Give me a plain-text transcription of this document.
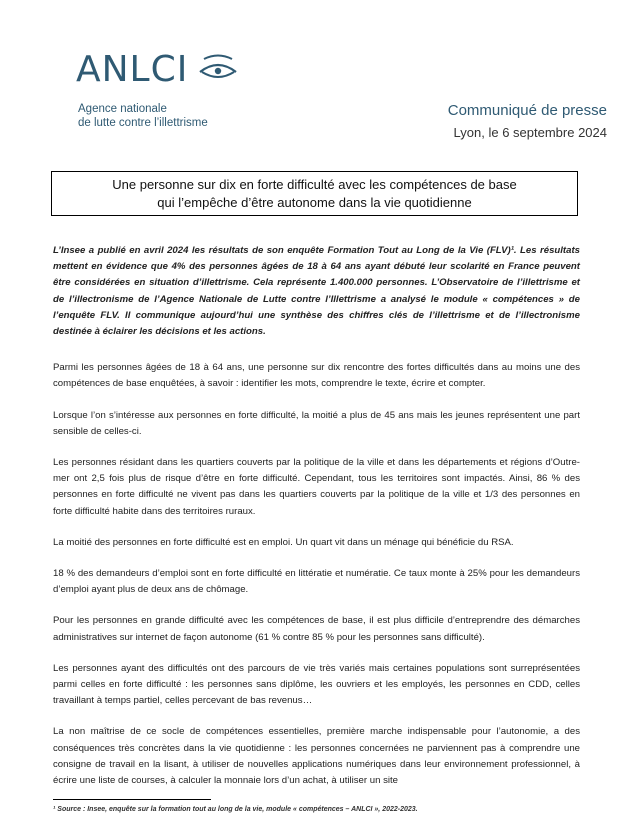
ANLCI
Agence nationale
de lutte contre l’illettrisme
Communiqué de presse
Lyon, le 6 septembre 2024
Une personne sur dix en forte difficulté avec les compétences de base
qui l’empêche d’être autonome dans la vie quotidienne

L’Insee a publié en avril 2024 les résultats de son enquête Formation Tout au Long de la Vie (FLV)¹. Les résultats mettent en évidence que 4% des personnes âgées de 18 à 64 ans ayant débuté leur scolarité en France peuvent être considérées en situation d’illettrisme. Cela représente 1.400.000 personnes. L’Observatoire de l’illettrisme et de l’illectronisme de l’Agence Nationale de Lutte contre l’Illettrisme a analysé le module « compétences » de l’enquête FLV. Il communique aujourd’hui une synthèse des chiffres clés de l’illettrisme et de l’illectronisme destinée à éclairer les décisions et les actions.

Parmi les personnes âgées de 18 à 64 ans, une personne sur dix rencontre des fortes difficultés dans au moins une des compétences de base enquêtées, à savoir : identifier les mots, comprendre le texte, écrire et compter.

Lorsque l’on s’intéresse aux personnes en forte difficulté, la moitié a plus de 45 ans mais les jeunes représentent une part sensible de celles-ci.

Les personnes résidant dans les quartiers couverts par la politique de la ville et dans les départements et régions d’Outre-mer ont 2,5 fois plus de risque d’être en forte difficulté. Cependant, tous les territoires sont impactés. Ainsi, 86 % des personnes en forte difficulté ne vivent pas dans les quartiers couverts par la politique de la ville et 1/3 des personnes en forte difficulté habite dans des territoires ruraux.

La moitié des personnes en forte difficulté est en emploi. Un quart vit dans un ménage qui bénéficie du RSA.

18 % des demandeurs d’emploi sont en forte difficulté en littératie et numératie. Ce taux monte à 25% pour les demandeurs d’emploi ayant plus de deux ans de chômage.

Pour les personnes en grande difficulté avec les compétences de base, il est plus difficile d’entreprendre des démarches administratives sur internet de façon autonome (61 % contre 85 % pour les personnes sans difficulté).

Les personnes ayant des difficultés ont des parcours de vie très variés mais certaines populations sont surreprésentées parmi celles en forte difficulté : les personnes sans diplôme, les ouvriers et les employés, les personnes en CDD, celles travaillant à temps partiel, celles percevant de bas revenus…

La non maîtrise de ce socle de compétences essentielles, première marche indispensable pour l’autonomie, a des conséquences très concrètes dans la vie quotidienne : les personnes concernées ne parviennent pas à comprendre une consigne de travail en la lisant, à utiliser de nouvelles applications numériques dans leur environnement professionnel, à écrire une liste de courses, à calculer la monnaie lors d’un achat, à utiliser un site

¹ Source : Insee, enquête sur la formation tout au long de la vie, module « compétences – ANLCI », 2022-2023.
